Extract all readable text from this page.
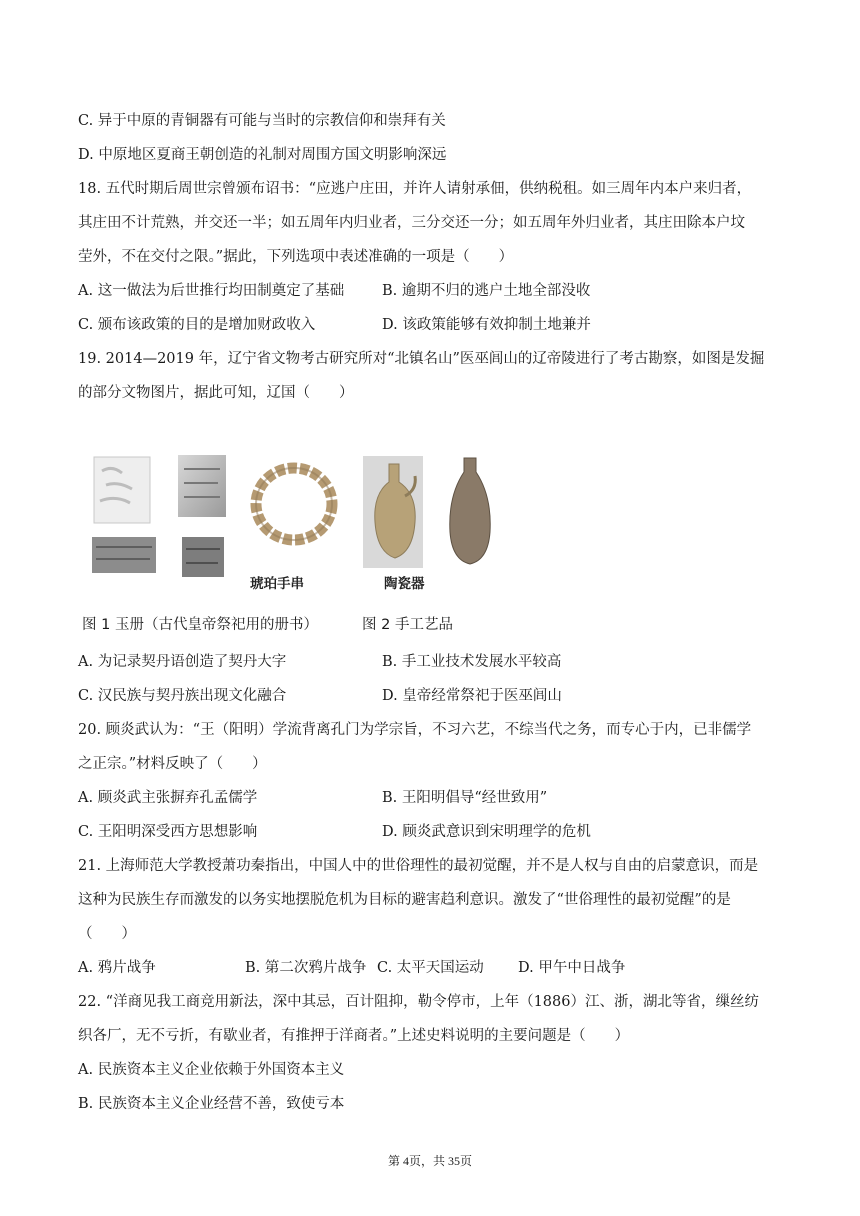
C. 异于中原的青铜器有可能与当时的宗教信仰和崇拜有关
D. 中原地区夏商王朝创造的礼制对周围方国文明影响深远
18. 五代时期后周世宗曾颁布诏书：“应逃户庄田，并许人请射承佃，供纳税租。如三周年内本户来归者，
其庄田不计荒熟，并交还一半；如五周年内归业者，三分交还一分；如五周年外归业者，其庄田除本户坟
茔外，不在交付之限。”据此，下列选项中表述准确的一项是（　　）
A. 这一做法为后世推行均田制奠定了基础	B. 逾期不归的逃户土地全部没收
C. 颁布该政策的目的是增加财政收入	D. 该政策能够有效抑制土地兼并
19. 2014—2019 年，辽宁省文物考古研究所对“北镇名山”医巫闾山的辽帝陵进行了考古勘察，如图是发掘
的部分文物图片，据此可知，辽国（　　）
琥珀手串	陶瓷器
图 1 玉册（古代皇帝祭祀用的册书）	图 2 手工艺品
A. 为记录契丹语创造了契丹大字	B. 手工业技术发展水平较高
C. 汉民族与契丹族出现文化融合	D. 皇帝经常祭祀于医巫闾山
20. 顾炎武认为：“王（阳明）学流背离孔门为学宗旨，不习六艺，不综当代之务，而专心于内，已非儒学
之正宗。”材料反映了（　　）
A. 顾炎武主张摒弃孔孟儒学	B. 王阳明倡导“经世致用”
C. 王阳明深受西方思想影响	D. 顾炎武意识到宋明理学的危机
21. 上海师范大学教授萧功秦指出，中国人中的世俗理性的最初觉醒，并不是人权与自由的启蒙意识，而是
这种为民族生存而激发的以务实地摆脱危机为目标的避害趋利意识。激发了“世俗理性的最初觉醒”的是
（　　）
A. 鸦片战争	B. 第二次鸦片战争 C. 太平天国运动 D. 甲午中日战争
22. “洋商见我工商竞用新法，深中其忌，百计阻抑，勒令停市，上年（1886）江、浙，湖北等省，缫丝纺
织各厂，无不亏折，有歇业者，有推押于洋商者。”上述史料说明的主要问题是（　　）
A. 民族资本主义企业依赖于外国资本主义
B. 民族资本主义企业经营不善，致使亏本
第 4页，共 35页
